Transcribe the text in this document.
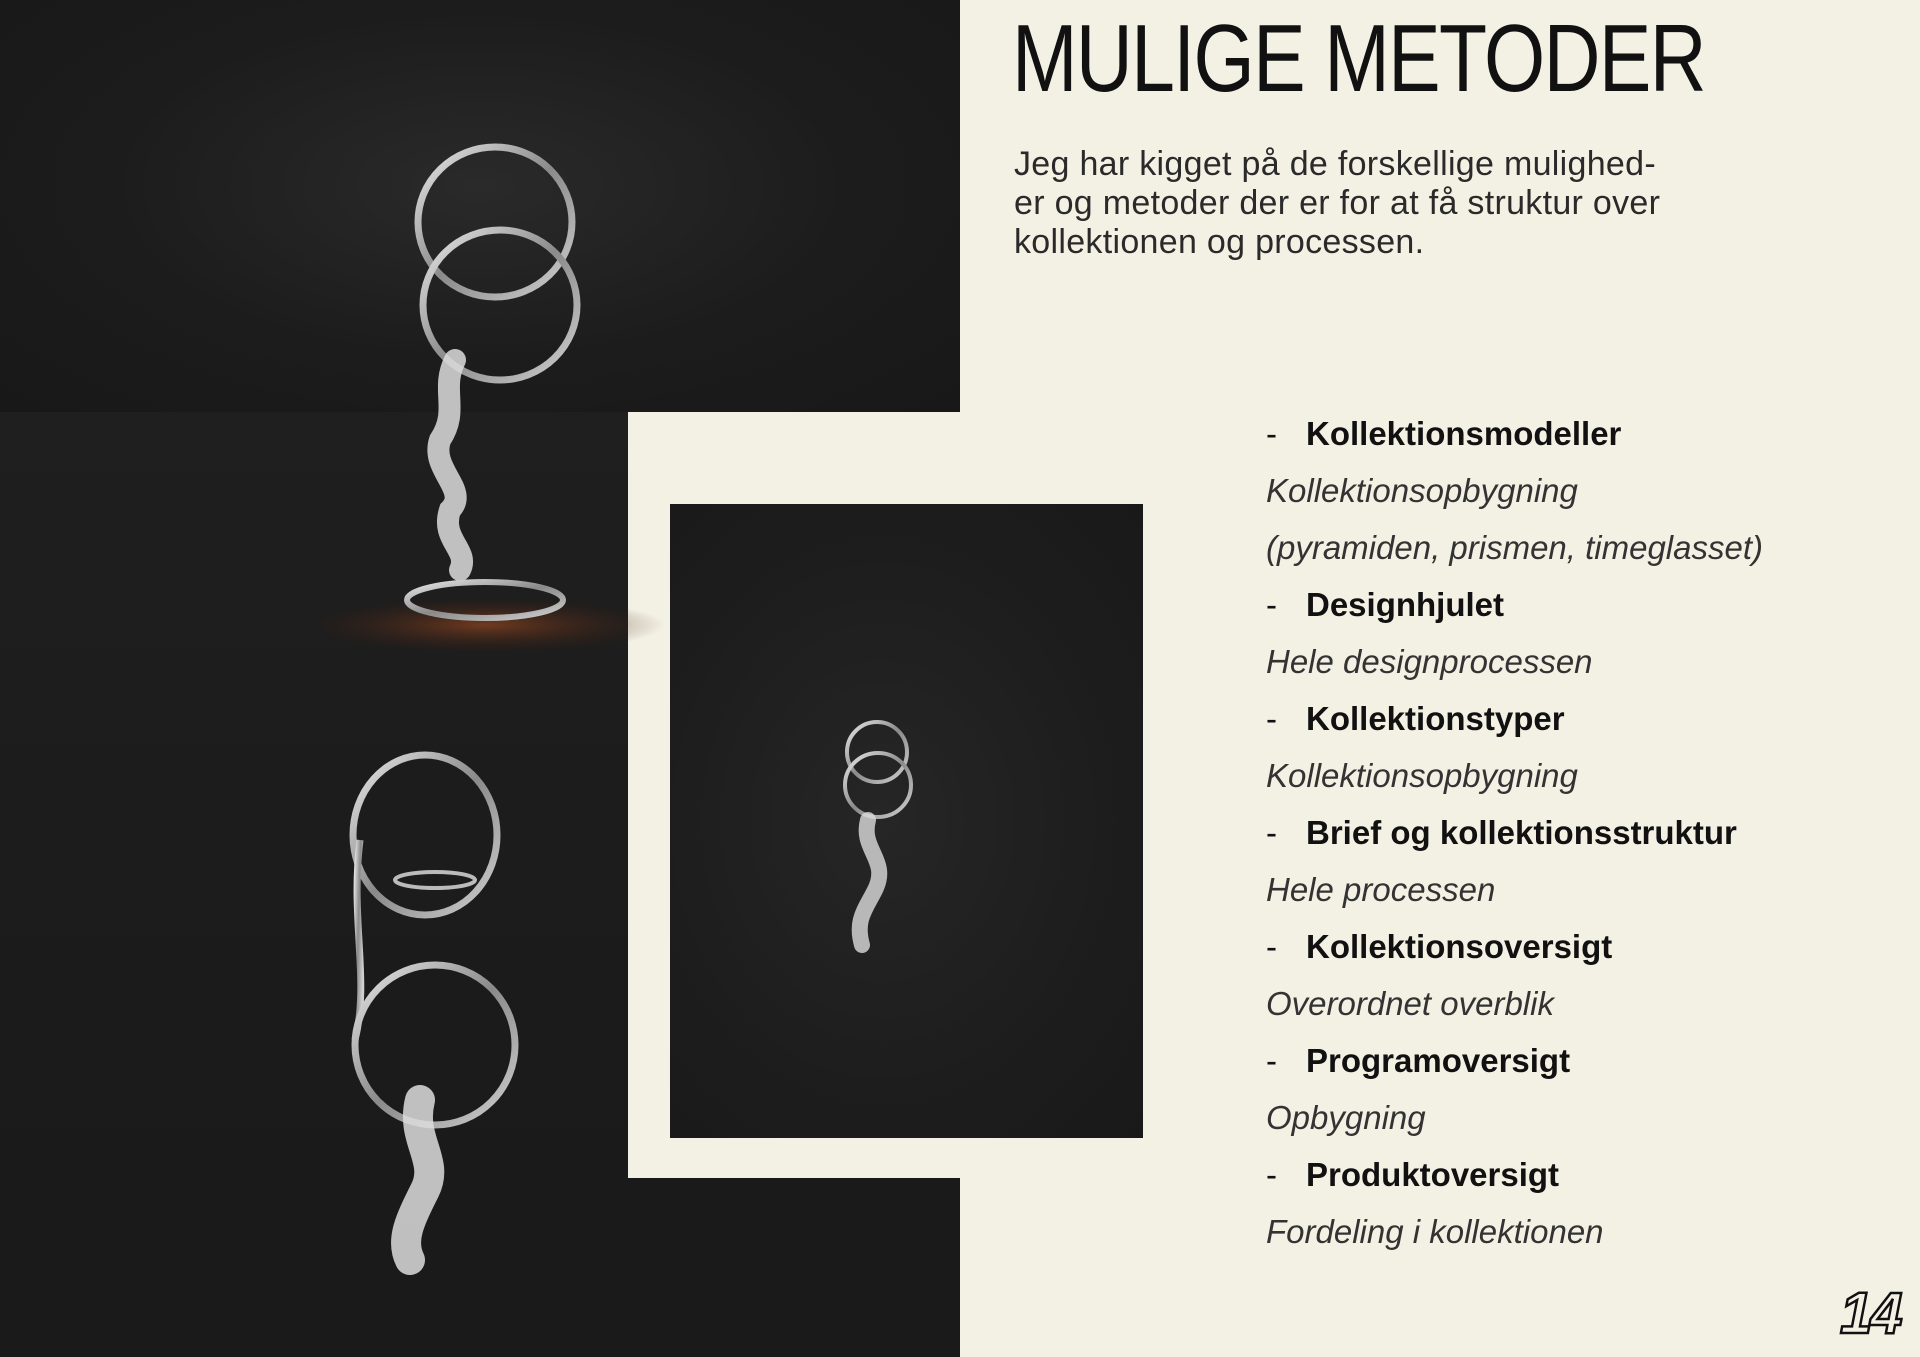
MULIGE METODER
Jeg har kigget på de forskellige mulighed-
er og metoder der er for at få struktur over
kollektionen og processen.
- Kollektionsmodeller
Kollektionsopbygning
(pyramiden, prismen, timeglasset)
- Designhjulet
Hele designprocessen
- Kollektionstyper
Kollektionsopbygning
- Brief og kollektionsstruktur
Hele processen
- Kollektionsoversigt
Overordnet overblik
- Programoversigt
Opbygning
- Produktoversigt
Fordeling i kollektionen
14
